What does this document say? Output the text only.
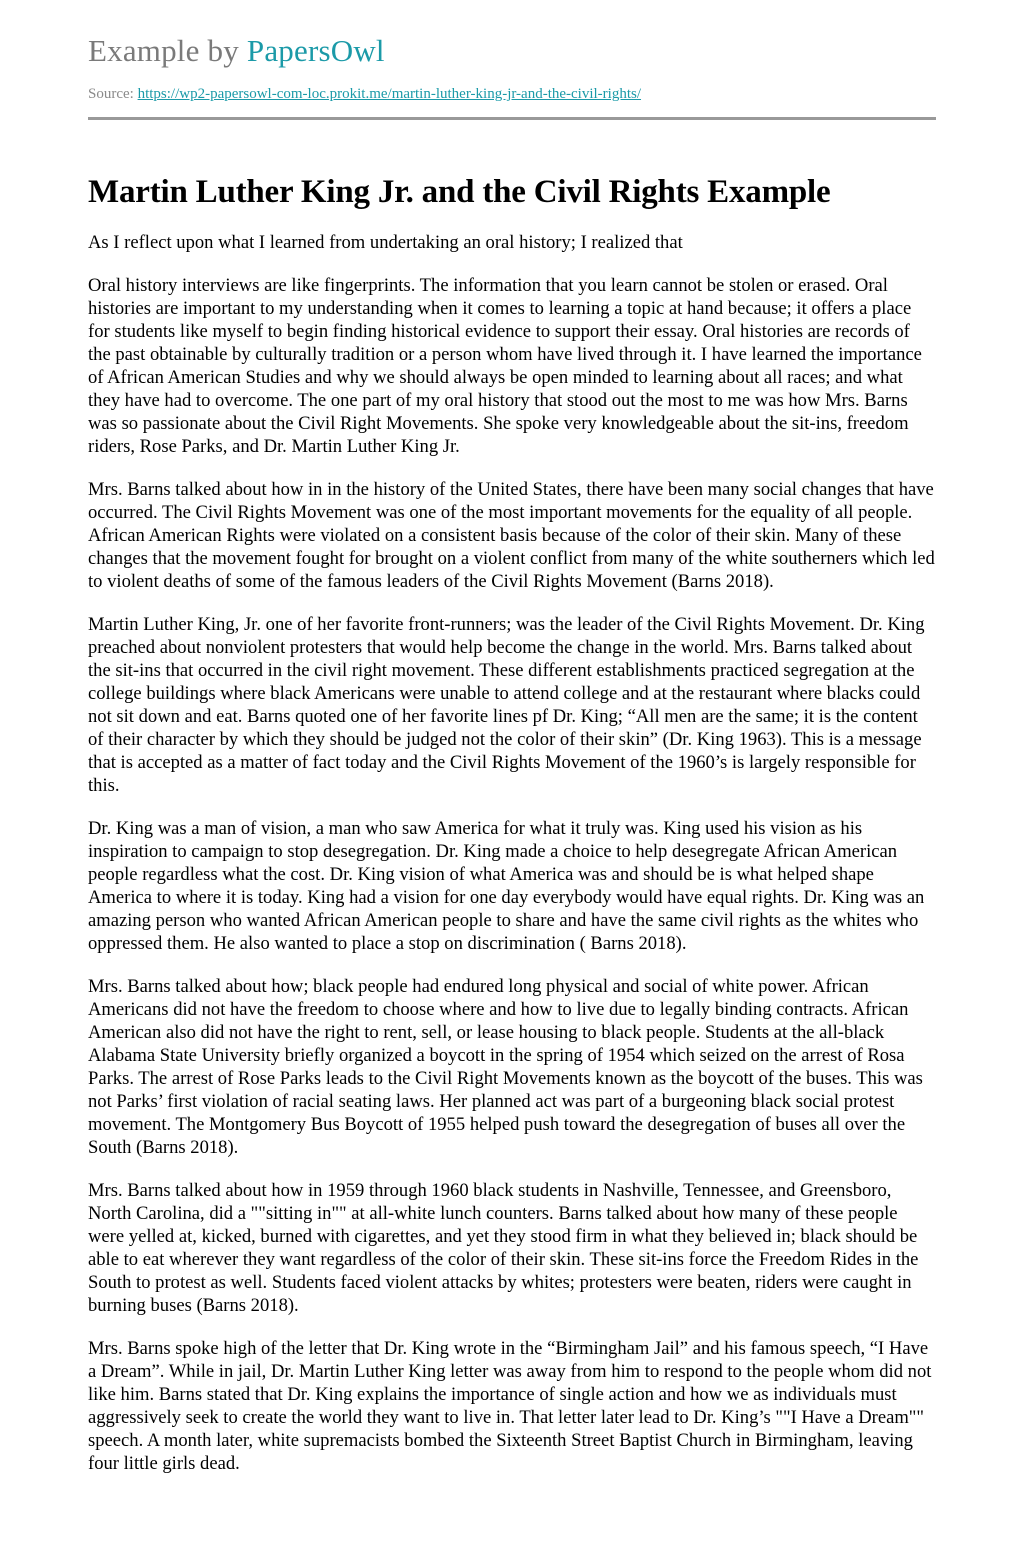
Example by PapersOwl
Source: https://wp2-papersowl-com-loc.prokit.me/martin-luther-king-jr-and-the-civil-rights/
Martin Luther King Jr. and the Civil Rights Example

As I reflect upon what I learned from undertaking an oral history; I realized that

Oral history interviews are like fingerprints. The information that you learn cannot be stolen or erased. Oral histories are important to my understanding when it comes to learning a topic at hand because; it offers a place for students like myself to begin finding historical evidence to support their essay. Oral histories are records of the past obtainable by culturally tradition or a person whom have lived through it. I have learned the importance of African American Studies and why we should always be open minded to learning about all races; and what they have had to overcome. The one part of my oral history that stood out the most to me was how Mrs. Barns was so passionate about the Civil Right Movements. She spoke very knowledgeable about the sit-ins, freedom riders, Rose Parks, and Dr. Martin Luther King Jr.

Mrs. Barns talked about how in in the history of the United States, there have been many social changes that have occurred. The Civil Rights Movement was one of the most important movements for the equality of all people. African American Rights were violated on a consistent basis because of the color of their skin. Many of these changes that the movement fought for brought on a violent conflict from many of the white southerners which led to violent deaths of some of the famous leaders of the Civil Rights Movement (Barns 2018).

Martin Luther King, Jr. one of her favorite front-runners; was the leader of the Civil Rights Movement. Dr. King preached about nonviolent protesters that would help become the change in the world. Mrs. Barns talked about the sit-ins that occurred in the civil right movement. These different establishments practiced segregation at the college buildings where black Americans were unable to attend college and at the restaurant where blacks could not sit down and eat. Barns quoted one of her favorite lines pf Dr. King; “All men are the same; it is the content of their character by which they should be judged not the color of their skin” (Dr. King 1963). This is a message that is accepted as a matter of fact today and the Civil Rights Movement of the 1960’s is largely responsible for this.

Dr. King was a man of vision, a man who saw America for what it truly was. King used his vision as his inspiration to campaign to stop desegregation. Dr. King made a choice to help desegregate African American people regardless what the cost. Dr. King vision of what America was and should be is what helped shape America to where it is today. King had a vision for one day everybody would have equal rights. Dr. King was an amazing person who wanted African American people to share and have the same civil rights as the whites who oppressed them. He also wanted to place a stop on discrimination ( Barns 2018).

Mrs. Barns talked about how; black people had endured long physical and social of white power. African Americans did not have the freedom to choose where and how to live due to legally binding contracts. African American also did not have the right to rent, sell, or lease housing to black people. Students at the all-black Alabama State University briefly organized a boycott in the spring of 1954 which seized on the arrest of Rosa Parks. The arrest of Rose Parks leads to the Civil Right Movements known as the boycott of the buses. This was not Parks’ first violation of racial seating laws. Her planned act was part of a burgeoning black social protest movement. The Montgomery Bus Boycott of 1955 helped push toward the desegregation of buses all over the South (Barns 2018).

Mrs. Barns talked about how in 1959 through 1960 black students in Nashville, Tennessee, and Greensboro, North Carolina, did a ""sitting in"" at all-white lunch counters. Barns talked about how many of these people were yelled at, kicked, burned with cigarettes, and yet they stood firm in what they believed in; black should be able to eat wherever they want regardless of the color of their skin. These sit-ins force the Freedom Rides in the South to protest as well. Students faced violent attacks by whites; protesters were beaten, riders were caught in burning buses (Barns 2018).

Mrs. Barns spoke high of the letter that Dr. King wrote in the “Birmingham Jail” and his famous speech, “I Have a Dream”. While in jail, Dr. Martin Luther King letter was away from him to respond to the people whom did not like him. Barns stated that Dr. King explains the importance of single action and how we as individuals must aggressively seek to create the world they want to live in. That letter later lead to Dr. King’s ""I Have a Dream"" speech. A month later, white supremacists bombed the Sixteenth Street Baptist Church in Birmingham, leaving four little girls dead.
